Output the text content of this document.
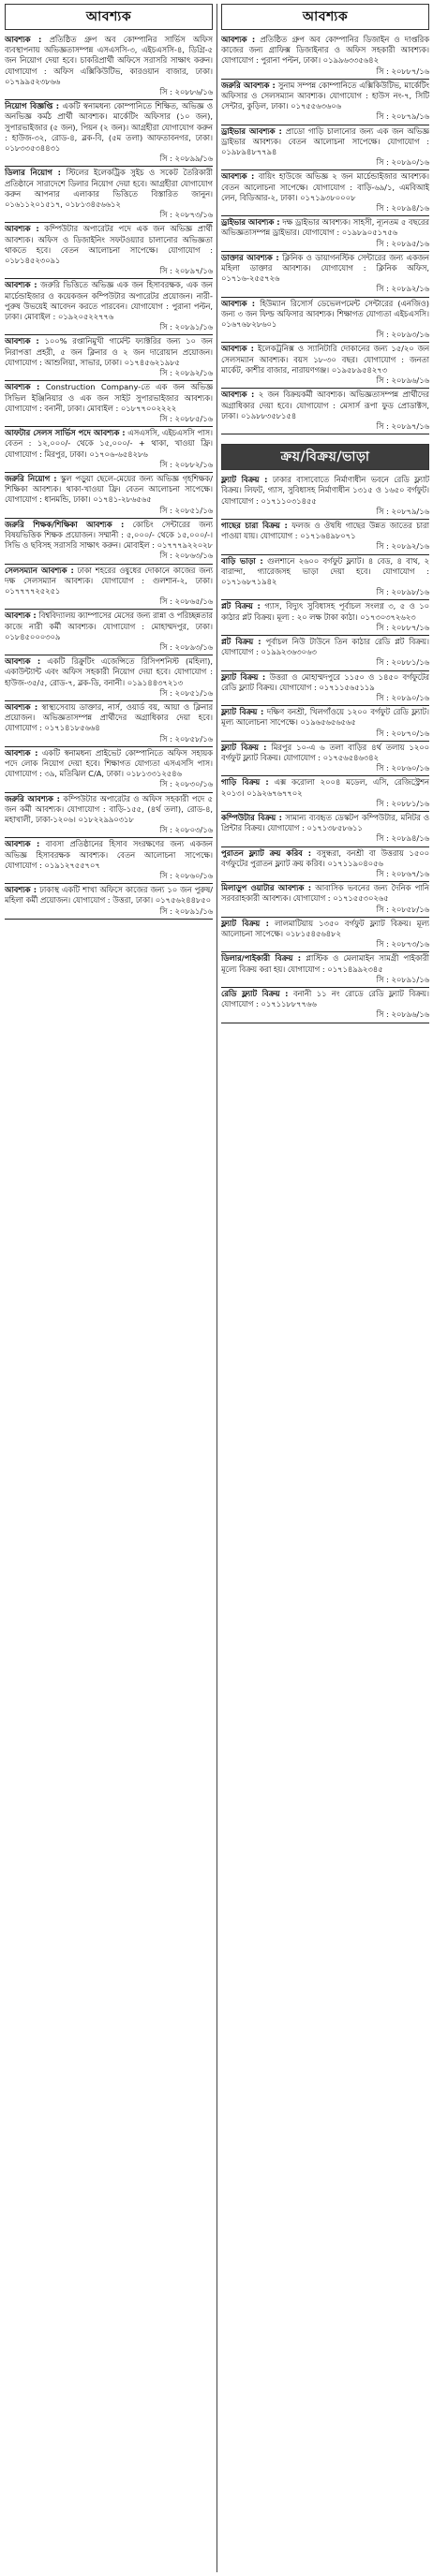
আবশ্যক
আবশ্যক : প্রতিষ্ঠিত গ্রুপ অব কোম্পানির সার্ভিস অফিস ব্যবস্থাপনায় অভিজ্ঞতাসম্পন্ন এসএসসি-৩, এইচএসসি-৪, ডিগ্রি-৫ জন নিয়োগ দেয়া হবে। চাকরিপ্রার্থী অফিসে সরাসরি সাক্ষাৎ করুন। যোগাযোগ : অফিস এক্সিকিউটিভ, কারওয়ান বাজার, ঢাকা। ০১৭৯৯৫২৩৮৬৬
সি : ২০৮৮৬/১৬
নিয়োগ বিজ্ঞপ্তি : একটি স্বনামধন্য কোম্পানিতে শিক্ষিত, অভিজ্ঞ ও অনভিজ্ঞ কর্মঠ প্রার্থী আবশ্যক। মার্কেটিং অফিসার (১০ জন), সুপারভাইজার (৫ জন), পিয়ন (২ জন)। আগ্রহীরা যোগাযোগ করুন : হাউজ-৩২, রোড-৪, ব্লক-বি, (৫ম তলা) আফতাবনগর, ঢাকা। ০১৮৩৩৫৩৪৪৩১
সি : ২০৮৯৯/১৬
ডিলার নিয়োগ : স্টিলের ইলেকট্রিক সুইচ ও সকেট তৈরিকারী প্রতিষ্ঠানে সারাদেশে ডিলার নিয়োগ দেয়া হবে। আগ্রহীরা যোগাযোগ করুন আপনার এলাকার ভিত্তিতে বিস্তারিত জানুন। ০১৬১১২০১৫১৭, ০১৮১৩৪৫৬৬১২
সি : ২০৮৭৩/১৬
আবশ্যক : কম্পিউটার অপারেটর পদে এক জন অভিজ্ঞ প্রার্থী আবশ্যক। অফিস ও ডিজাইনিং সফটওয়্যার চালানোর অভিজ্ঞতা থাকতে হবে। বেতন আলোচনা সাপেক্ষে। যোগাযোগ : ০১৮১৪৫২৩০৯১
সি : ২০৮৯৭/১৬
আবশ্যক : জরুরি ভিত্তিতে অভিজ্ঞ এক জন হিসাবরক্ষক, এক জন মার্চেন্ডাইজার ও কয়েকজন কম্পিউটার অপারেটর প্রয়োজন। নারী-পুরুষ উভয়েই আবেদন করতে পারবেন। যোগাযোগ : পুরানা পল্টন, ঢাকা। মোবাইল : ০১৯২০৫২২৭৭৬
সি : ২০৮৯১/১৬
আবশ্যক : ১০০% রপ্তানিমুখী গার্মেন্ট ফ্যাক্টরির জন্য ১০ জন নিরাপত্তা প্রহরী, ৫ জন ক্লিনার ও ২ জন দারোয়ান প্রয়োজন। যোগাযোগ : আশুলিয়া, সাভার, ঢাকা। ০১৭৪৫৬২১৯৮৫
সি : ২০৮৯২/১৬
আবশ্যক : Construction Company-তে এক জন অভিজ্ঞ সিভিল ইঞ্জিনিয়ার ও এক জন সাইট সুপারভাইজার আবশ্যক। যোগাযোগ : বনানী, ঢাকা। মোবাইল : ০১৮৭৭০০২২২২
সি : ২০৮৮৫/১৬
আফটার সেলস সার্ভিস পদে আবশ্যক : এসএসসি, এইচএসসি পাস। বেতন : ১২,০০০/- থেকে ১৫,০০০/- + থাকা, খাওয়া ফ্রি। যোগাযোগ : মিরপুর, ঢাকা। ০১৭০৬-৬৫৪২৮৬
সি : ২০৮৮২/১৬
জরুরি নিয়োগ : স্কুল পড়ুয়া ছেলে-মেয়ের জন্য অভিজ্ঞ গৃহশিক্ষক/শিক্ষিকা আবশ্যক। থাকা-খাওয়া ফ্রি। বেতন আলোচনা সাপেক্ষে। যোগাযোগ : ধানমন্ডি, ঢাকা। ০১৭৪১-২৮৬৫৬৫
সি : ২০৮৫১/১৬
জরুরি শিক্ষক/শিক্ষিকা আবশ্যক : কোচিং সেন্টারের জন্য বিষয়ভিত্তিক শিক্ষক প্রয়োজন। সম্মানী : ৫,০০০/- থেকে ১৫,০০০/-। সিভি ও ছবিসহ সরাসরি সাক্ষাৎ করুন। মোবাইল : ০১৭৭৭৯২২০২৮
সি : ২০৮৬৩/১৬
সেলসম্যান আবশ্যক : ঢাকা শহরের ওষুধের দোকানে কাজের জন্য দক্ষ সেলসম্যান আবশ্যক। যোগাযোগ : গুলশান-২, ঢাকা। ০১৭৭৭৭২৫২৫১
সি : ২০৮৬৫/১৬
আবশ্যক : বিশ্ববিদ্যালয় ক্যাম্পাসের মেসের জন্য রান্না ও পরিচ্ছন্নতার কাজে নারী কর্মী আবশ্যক। যোগাযোগ : মোহাম্মদপুর, ঢাকা। ০১৮৪৫০০০৩০৯
সি : ২০৮৯৩/১৬
আবশ্যক : একটি রিক্রুটিং এজেন্সিতে রিসিপশনিস্ট (মহিলা), একাউন্ট্যান্ট এবং অফিস সহকারী নিয়োগ দেয়া হবে। যোগাযোগ : হাউজ-৩৫/৫, রোড-৭, ব্লক-ডি, বনানী। ০১৯১৪৪৩৭২১৩
সি : ২০৮৫১/১৬
আবশ্যক : স্বাস্থ্যসেবায় ডাক্তার, নার্স, ওয়ার্ড বয়, আয়া ও ক্লিনার প্রয়োজন। অভিজ্ঞতাসম্পন্ন প্রার্থীদের অগ্রাধিকার দেয়া হবে। যোগাযোগ : ০১৭১৪১৮৫৬৬৪
সি : ২০৮৫৮/১৬
আবশ্যক : একটি স্বনামধন্য প্রাইভেট কোম্পানিতে অফিস সহায়ক পদে লোক নিয়োগ দেয়া হবে। শিক্ষাগত যোগ্যতা এসএসসি পাস। যোগাযোগ : ৩৯, মতিঝিল C/A, ঢাকা। ০১৮১৩৩১২৫৪৬
সি : ২০৮৩০/১৬
জরুরি আবশ্যক : কম্পিউটার অপারেটর ও অফিস সহকারী পদে ৫ জন কর্মী আবশ্যক। যোগাযোগ : বাড়ি-১৫৫, (৪র্থ তলা), রোড-৪, মহাখালী, ঢাকা-১২০৬। ০১৮২২৯৯০৩১৮
সি : ২০৮০৩/১৬
আবশ্যক : বাবসা প্রতিষ্ঠানের হিসাব সংরক্ষণের জন্য একজন অভিজ্ঞ হিসাবরক্ষক আবশ্যক। বেতন আলোচনা সাপেক্ষে। যোগাযোগ : ০১৯১২৭৫৫৭০৭
সি : ২০৮৬০/১৬
আবশ্যক : ঢাকাস্থ একটি শাখা অফিসে কাজের জন্য ১০ জন পুরুষ/মহিলা কর্মী প্রয়োজন। যোগাযোগ : উত্তরা, ঢাকা। ০১৭৫৬২৪৪৮৫০
সি : ২০৮৯১/১৬
আবশ্যক
আবশ্যক : প্রতিষ্ঠিত গ্রুপ অব কোম্পানির ডিজাইন ও দাপ্তরিক কাজের জন্য গ্রাফিক্স ডিজাইনার ও অফিস সহকারী আবশ্যক। যোগাযোগ : পুরানা পল্টন, ঢাকা। ০১৯৯৬৩৩৫৬৪২
সি : ২০৮৮৭/১৬
জরুরি আবশ্যক : সুনাম সম্পন্ন কোম্পানিতে এক্সিকিউটিভ, মার্কেটিং অফিসার ও সেলসম্যান আবশ্যক। যোগাযোগ : হাউস নং-৭, সিটি সেন্টার, কুড়িল, ঢাকা। ০১৭৫৫৬৩৬০৬
সি : ২০৮৭৯/১৬
ড্রাইভার আবশ্যক : প্রাডো গাড়ি চালানোর জন্য এক জন অভিজ্ঞ ড্রাইভার আবশ্যক। বেতন আলোচনা সাপেক্ষে। যোগাযোগ : ০১৯৮৯৪৮৭৭৯৪
সি : ২০৮৯০/১৬
আবশ্যক : বায়িং হাউজে অভিজ্ঞ ২ জন মার্চেন্ডাইজার আবশ্যক। বেতন আলোচনা সাপেক্ষে। যোগাযোগ : বাড়ি-৬৯/১, এমবিআই লেন, বিডিআর-২, ঢাকা। ০১৭১৯৩৮০০০৮
সি : ২০৮৯৪/১৬
ড্রাইভার আবশ্যক : দক্ষ ড্রাইভার আবশ্যক। সাহসী, ন্যূনতম ৫ বছরের অভিজ্ঞতাসম্পন্ন ড্রাইভার। যোগাযোগ : ০১৯৮৯০৫১৭৫৬
সি : ২০৮৯৫/১৬
ডাক্তার আবশ্যক : ক্লিনিক ও ডায়াগনস্টিক সেন্টারের জন্য একজন মহিলা ডাক্তার আবশ্যক। যোগাযোগ : ক্লিনিক অফিস, ০১৭১৬-২৫৫৭২৬
সি : ২০৮৯২/১৬
আবশ্যক : হিউম্যান রিসোর্স ডেভেলপমেন্ট সেন্টারের (এনজিও) জন্য ৩ জন ফিল্ড অফিসার আবশ্যক। শিক্ষাগত যোগ্যতা এইচএসসি। ০১৬৭৬৮২৮৬০১
সি : ২০৮৯৩/১৬
আবশ্যক : ইলেকট্রনিক্স ও স্যানিটারি দোকানের জন্য ১৫/২০ জন সেলসম্যান আবশ্যক। বয়স ১৮-৩০ বছর। যোগাযোগ : জনতা মার্কেট, কাশীর বাজার, নারায়ণগঞ্জ। ০১৯৫৮৯৫৪২৭৩
সি : ২০৮৯৬/১৬
আবশ্যক : ২ জন বিক্রয়কর্মী আবশ্যক। অভিজ্ঞতাসম্পন্ন প্রার্থীদের অগ্রাধিকার দেয়া হবে। যোগাযোগ : মেসার্স রূপা ফুড প্রোডাক্টস, ঢাকা। ০১৯৮৮৩৫৮১৫৪
সি : ২০৮৯৭/১৬
ক্রয়/বিক্রয়/ভাড়া
ফ্ল্যাট বিক্রয় : ঢাকার বাসাবোতে নির্মাণাধীন ভবনে রেডি ফ্ল্যাট বিক্রয়। লিফট, গ্যাস, সুবিধাসহ নির্মাণাধীন ১৩১৫ ও ১৬৫০ বর্গফুট। যোগাযোগ : ০১৭১১০৩১৪৫৫
সি : ২০৮৭৯/১৬
গাছের চারা বিক্রয় : ফলজ ও ঔষধি গাছের উন্নত জাতের চারা পাওয়া যায়। যোগাযোগ : ০১৭১৬৪৯৮০৭১
সি : ২০৮৯২/১৬
বাড়ি ভাড়া : গুলশানে ২৬০০ বর্গফুট ফ্ল্যাট। ৪ বেড, ৪ বাথ, ২ বারান্দা, গ্যারেজসহ ভাড়া দেয়া হবে। যোগাযোগ : ০১৭১৬৮৭১৯৪২
সি : ২০৮৯৮/১৬
প্লট বিক্রয় : গ্যাস, বিদ্যুৎ সুবিধাসহ পূর্বাচল সংলগ্ন ৩, ৫ ও ১০ কাঠার প্লট বিক্রয়। মূল্য : ২০ লক্ষ টাকা কাঠা। ০১৭৩০৩৭২৬২৩
সি : ২০৮৮৭/১৬
প্লট বিক্রয় : পূর্বাচল নিউ টাউনে তিন কাঠার রেডি প্লট বিক্রয়। যোগাযোগ : ০১৯৯২৩৬৩০৬৩
সি : ২০৮৮১/১৬
ফ্ল্যাট বিক্রয় : উত্তরা ও মোহাম্মদপুরে ১১৫০ ও ১৪৫০ বর্গফুটের রেডি ফ্ল্যাট বিক্রয়। যোগাযোগ : ০১৭১১৫৬৫১১৯
সি : ২০৮৯০/১৬
ফ্ল্যাট বিক্রয় : দক্ষিণ বনশ্রী, খিলগাঁওয়ে ১২০০ বর্গফুট রেডি ফ্ল্যাট। মূল্য আলোচনা সাপেক্ষে। ০১৯৬৫৬৫৬৫৬৫
সি : ২০৮৭০/১৬
ফ্ল্যাট বিক্রয় : মিরপুর ১০-এ ৬ তলা বাড়ির ৪র্থ তলায় ১২০০ বর্গফুট ফ্ল্যাট বিক্রয়। যোগাযোগ : ০১৭৫৬৫৪৬৩৪২
সি : ২০৮৬০/১৬
গাড়ি বিক্রয় : এক্স করোলা ২০০৪ মডেল, এসি, রেজিস্ট্রেশন ২০১৩। ০১৯২৬৭৬৭৭০২
সি : ২০৮৮১/১৬
কম্পিউটার বিক্রয় : সামান্য ব্যবহৃত ডেস্কটপ কম্পিউটার, মনিটর ও প্রিন্টার বিক্রয়। যোগাযোগ : ০১৭১৩৮৫৮৬১১
সি : ২০৮৯৪/১৬
পুরাতন ফ্ল্যাট ক্রয় করিব : বসুন্ধরা, বনশ্রী বা উত্তরায় ১৫০০ বর্গফুটের পুরাতন ফ্ল্যাট ক্রয় করিব। ০১৭১১৯০৪০৫৬
সি : ২০৮৬৭/১৬
মিলাড়ুপ ওয়াটার আবশ্যক : আবাসিক ভবনের জন্য দৈনিক পানি সরবরাহকারী আবশ্যক। যোগাযোগ : ০১৭১৫৫৩০২৬৫
সি : ২০৮৫৮/১৬
ফ্ল্যাট বিক্রয় : লালমাটিয়ায় ১৩৫০ বর্গফুট ফ্ল্যাট বিক্রয়। মূল্য আলোচনা সাপেক্ষে। ০১৮১৫৪৫৬৪৮২
সি : ২০৮৭৩/১৬
ডিলার/পাইকারী বিক্রয় : প্লাস্টিক ও মেলামাইন সামগ্রী পাইকারী মূল্যে বিক্রয় করা হয়। যোগাযোগ : ০১৭১৪৯৯২৩৪৫
সি : ২০৮৯১/১৬
রেডি ফ্ল্যাট বিক্রয় : বনানী ১১ নং রোডে রেডি ফ্ল্যাট বিক্রয়। যোগাযোগ : ০১৭১১৮৮৭৭৬৬
সি : ২০৮৯৬/১৬
